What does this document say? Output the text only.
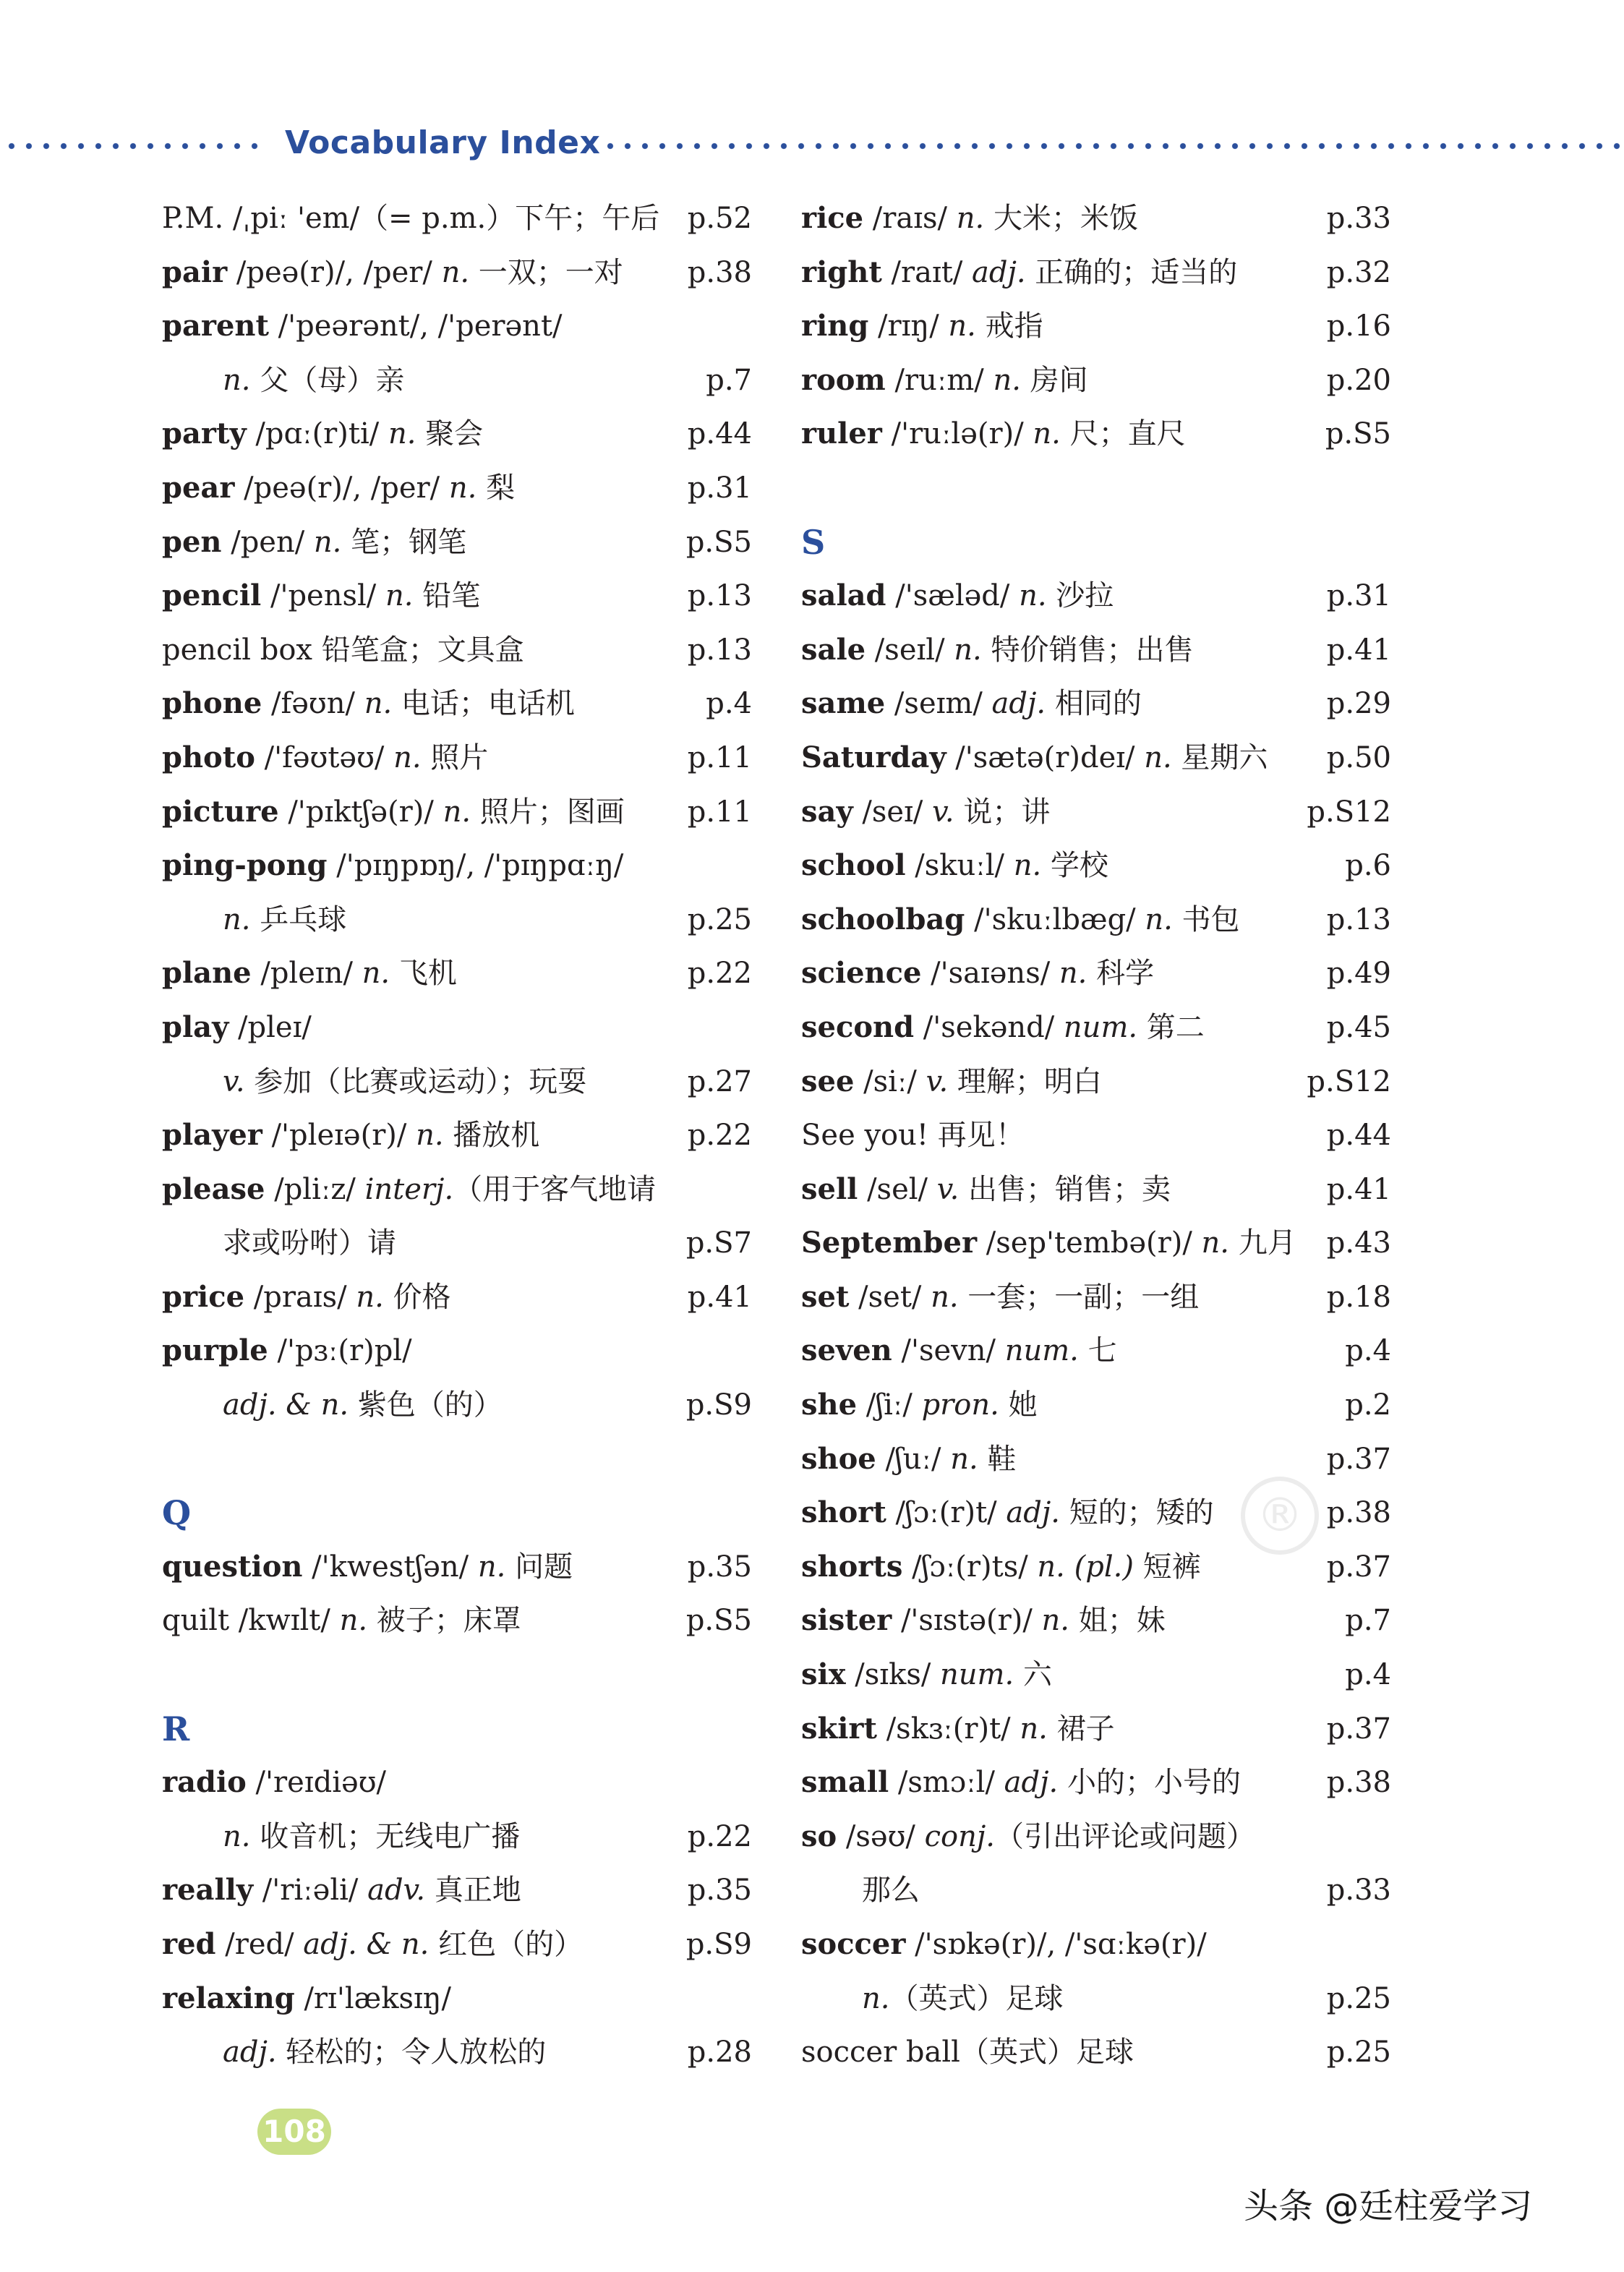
Vocabulary Index
P.M. /ˌpiː 'em/（= p.m.）下午；午后 p.52
pair /peə(r)/, /per/ n. 一双；一对 p.38
parent /'peərənt/, /'perənt/
n. 父（母）亲	p.7
party /pɑː(r)ti/ n. 聚会	p.44
pear /peə(r)/, /per/ n. 梨	p.31
pen /pen/ n. 笔；钢笔	p.S5
pencil /'pensl/ n. 铅笔	p.13
pencil box 铅笔盒；文具盒	p.13
phone /fəʊn/ n. 电话；电话机	p.4
photo /'fəʊtəʊ/ n. 照片	p.11
picture /'pɪktʃə(r)/ n. 照片；图画 p.11
ping-pong /'pɪŋpɒŋ/, /'pɪŋpɑːŋ/
n. 乒乓球	p.25
plane /pleɪn/ n. 飞机	p.22
play /pleɪ/
v. 参加（比赛或运动）；玩耍	p.27
player /'pleɪə(r)/ n. 播放机	p.22
please /pliːz/ interj.（用于客气地请
求或吩咐）请	p.S7
price /praɪs/ n. 价格	p.41
purple /'pɜː(r)pl/
adj. & n. 紫色（的）	p.S9
Q
question /'kwestʃən/ n. 问题	p.35
quilt /kwɪlt/ n. 被子；床罩	p.S5
R
radio /'reɪdiəʊ/
n. 收音机；无线电广播	p.22
really /'riːəli/ adv. 真正地	p.35
red /red/ adj. & n. 红色（的）	p.S9
relaxing /rɪ'læksɪŋ/
adj. 轻松的；令人放松的	p.28
rice /raɪs/ n. 大米；米饭	p.33
right /raɪt/ adj. 正确的；适当的	p.32
ring /rɪŋ/ n. 戒指	p.16
room /ruːm/ n. 房间	p.20
ruler /'ruːlə(r)/ n. 尺；直尺	p.S5
S
salad /'sæləd/ n. 沙拉	p.31
sale /seɪl/ n. 特价销售；出售	p.41
same /seɪm/ adj. 相同的	p.29
Saturday /'sætə(r)deɪ/ n. 星期六 p.50
say /seɪ/ v. 说；讲	p.S12
school /skuːl/ n. 学校	p.6
schoolbag /'skuːlbæg/ n. 书包	p.13
science /'saɪəns/ n. 科学	p.49
second /'sekənd/ num. 第二	p.45
see /siː/ v. 理解；明白	p.S12
See you! 再见！	p.44
sell /sel/ v. 出售；销售；卖	p.41
September /sep'tembə(r)/ n. 九月 p.43
set /set/ n. 一套；一副；一组	p.18
seven /'sevn/ num. 七	p.4
she /ʃiː/ pron. 她	p.2
shoe /ʃuː/ n. 鞋	p.37
short /ʃɔː(r)t/ adj. 短的；矮的	p.38
shorts /ʃɔː(r)ts/ n. (pl.) 短裤	p.37
sister /'sɪstə(r)/ n. 姐；妹	p.7
six /sɪks/ num. 六	p.4
skirt /skɜː(r)t/ n. 裙子	p.37
small /smɔːl/ adj. 小的；小号的	p.38
so /səʊ/ conj.（引出评论或问题）
那么	p.33
soccer /'sɒkə(r)/, /'sɑːkə(r)/
n.（英式）足球	p.25
soccer ball（英式）足球	p.25
®
108
头条 @廷柱爱学习
